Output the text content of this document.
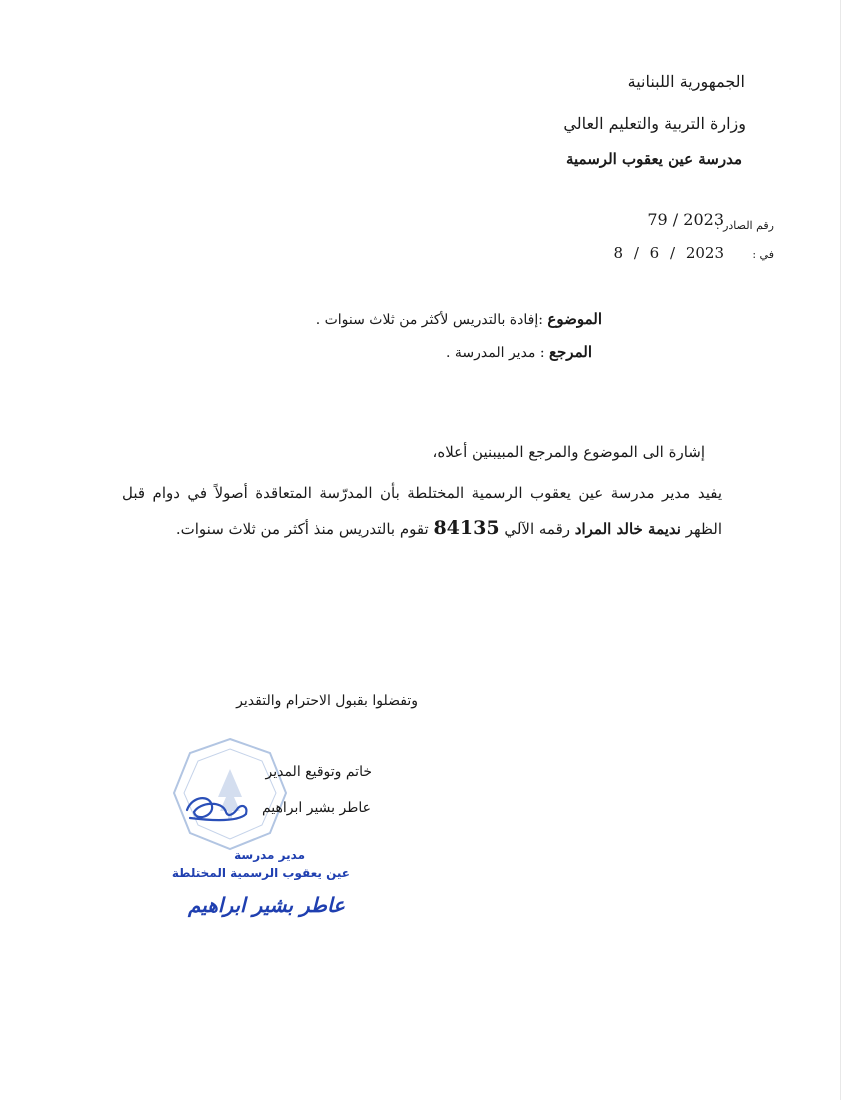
الجمهورية اللبنانية
وزارة التربية والتعليم العالي
مدرسة عين يعقوب الرسمية
رقم الصادر :
79 / 2023
في :
8 / 6 / 2023
الموضوع :إفادة بالتدريس لأكثر من ثلاث سنوات .
المرجع : مدير المدرسة .
إشارة الى الموضوع والمرجع المبيبنين أعلاه،
يفيد مدير مدرسة عين يعقوب الرسمية المختلطة بأن المدرّسة المتعاقدة أصولاً في دوام قبل الظهر نديمة خالد المراد رقمه الآلي 84135 تقوم بالتدريس منذ أكثر من ثلاث سنوات.
وتفضلوا بقبول الاحترام والتقدير
خاتم وتوقيع المدير
عاطر بشير ابراهيم
مدير مدرسة
عين يعقوب الرسمية المختلطة
عاطر بشير ابراهيم
